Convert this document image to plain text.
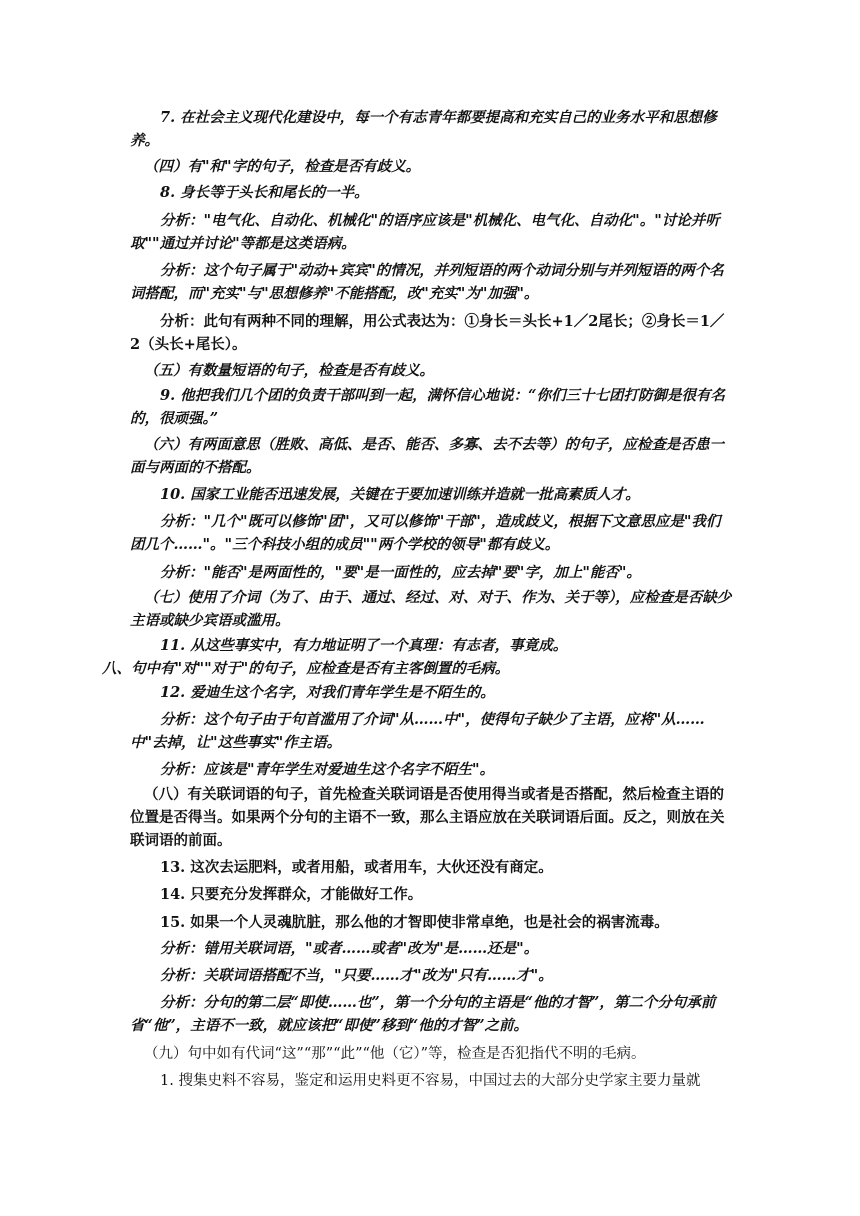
7. 在社会主义现代化建设中，每一个有志青年都要提高和充实自己的业务水平和思想修养。

（四）有"和"字的句子，检查是否有歧义。

8. 身长等于头长和尾长的一半。

分析："电气化、自动化、机械化"的语序应该是"机械化、电气化、自动化"。"讨论并听取""通过并讨论"等都是这类语病。

分析：这个句子属于"动动+宾宾"的情况，并列短语的两个动词分别与并列短语的两个名词搭配，而"充实"与"思想修养"不能搭配，改"充实"为"加强"。

分析：此句有两种不同的理解，用公式表达为：①身长＝头长+1／2尾长；②身长＝1／2（头长+尾长）。

（五）有数量短语的句子，检查是否有歧义。

9. 他把我们几个团的负责干部叫到一起，满怀信心地说：“你们三十七团打防御是很有名的，很顽强。”

（六）有两面意思（胜败、高低、是否、能否、多寡、去不去等）的句子，应检查是否患一面与两面的不搭配。

10. 国家工业能否迅速发展，关键在于要加速训练并造就一批高素质人才。

分析："几个"既可以修饰"团"，又可以修饰"干部"，造成歧义，根据下文意思应是"我们团几个……"。"三个科技小组的成员""两个学校的领导"都有歧义。

分析："能否"是两面性的，"要"是一面性的，应去掉"要"字，加上"能否"。

（七）使用了介词（为了、由于、通过、经过、对、对于、作为、关于等），应检查是否缺少主语或缺少宾语或滥用。

11. 从这些事实中，有力地证明了一个真理：有志者，事竟成。

八、句中有"对""对于"的句子，应检查是否有主客倒置的毛病。

12. 爱迪生这个名字，对我们青年学生是不陌生的。

分析：这个句子由于句首滥用了介词"从……中"，使得句子缺少了主语，应将"从……中"去掉，让"这些事实"作主语。

分析：应该是"青年学生对爱迪生这个名字不陌生"。

（八）有关联词语的句子，首先检查关联词语是否使用得当或者是否搭配，然后检查主语的位置是否得当。如果两个分句的主语不一致，那么主语应放在关联词语后面。反之，则放在关联词语的前面。

13. 这次去运肥料，或者用船，或者用车，大伙还没有商定。

14. 只要充分发挥群众，才能做好工作。

15. 如果一个人灵魂肮脏，那么他的才智即使非常卓绝，也是社会的祸害流毒。

分析：错用关联词语，"或者……或者"改为"是……还是"。

分析：关联词语搭配不当，"只要……才"改为"只有……才"。

分析：分句的第二层“即使……也”，第一个分句的主语是“他的才智”，第二个分句承前省“他”，主语不一致，就应该把“即使”移到“他的才智”之前。

（九）句中如有代词“这”“那”“此”“他（它）”等，检查是否犯指代不明的毛病。

1. 搜集史料不容易，鉴定和运用史料更不容易，中国过去的大部分史学家主要力量就
